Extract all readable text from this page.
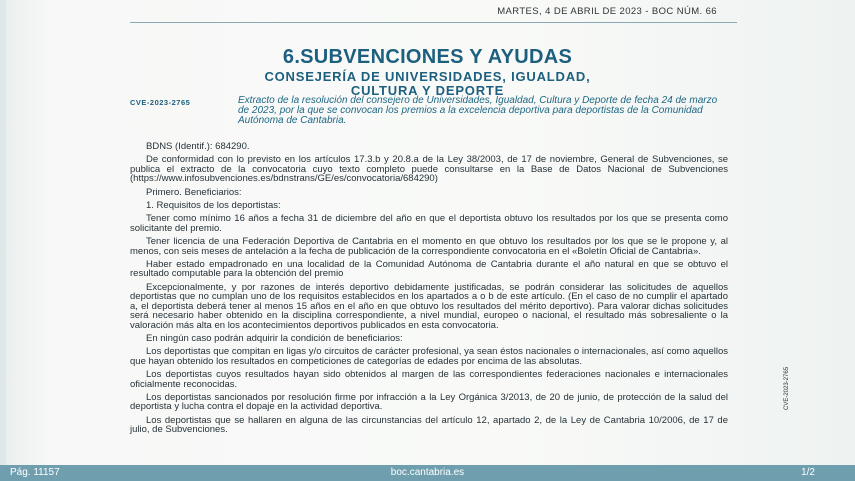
MARTES, 4 DE ABRIL DE 2023 - BOC NÚM. 66
6.SUBVENCIONES Y AYUDAS
CONSEJERÍA DE UNIVERSIDADES, IGUALDAD,
CULTURA Y DEPORTE
CVE-2023-2765	Extracto de la resolución del consejero de Universidades, Igualdad, Cultura y Deporte de fecha 24 de marzo de 2023, por la que se convocan los premios a la excelencia deportiva para deportistas de la Comunidad Autónoma de Cantabria.

BDNS (Identif.): 684290.

De conformidad con lo previsto en los artículos 17.3.b y 20.8.a de la Ley 38/2003, de 17 de noviembre, General de Subvenciones, se publica el extracto de la convocatoria cuyo texto completo puede consultarse en la Base de Datos Nacional de Subvenciones (https://www.infosubvenciones.es/bdnstrans/GE/es/convocatoria/684290)

Primero. Beneficiarios:

1. Requisitos de los deportistas:

Tener como mínimo 16 años a fecha 31 de diciembre del año en que el deportista obtuvo los resultados por los que se presenta como solicitante del premio.

Tener licencia de una Federación Deportiva de Cantabria en el momento en que obtuvo los resultados por los que se le propone y, al menos, con seis meses de antelación a la fecha de publicación de la correspondiente convocatoria en el «Boletín Oficial de Cantabria».

Haber estado empadronado en una localidad de la Comunidad Autónoma de Cantabria durante el año natural en que se obtuvo el resultado computable para la obtención del premio

Excepcionalmente, y por razones de interés deportivo debidamente justificadas, se podrán considerar las solicitudes de aquellos deportistas que no cumplan uno de los requisitos establecidos en los apartados a o b de este artículo. (En el caso de no cumplir el apartado a, el deportista deberá tener al menos 15 años en el año en que obtuvo los resultados del mérito deportivo). Para valorar dichas solicitudes será necesario haber obtenido en la disciplina correspondiente, a nivel mundial, europeo o nacional, el resultado más sobresaliente o la valoración más alta en los acontecimientos deportivos publicados en esta convocatoria.

En ningún caso podrán adquirir la condición de beneficiarios:

Los deportistas que compitan en ligas y/o circuitos de carácter profesional, ya sean éstos nacionales o internacionales, así como aquellos que hayan obtenido los resultados en competiciones de categorías de edades por encima de las absolutas.

Los deportistas cuyos resultados hayan sido obtenidos al margen de las correspondientes federaciones nacionales e internacionales oficialmente reconocidas.

Los deportistas sancionados por resolución firme por infracción a la Ley Orgánica 3/2013, de 20 de junio, de protección de la salud del deportista y lucha contra el dopaje en la actividad deportiva.

Los deportistas que se hallaren en alguna de las circunstancias del artículo 12, apartado 2, de la Ley de Cantabria 10/2006, de 17 de julio, de Subvenciones.

CVE-2023-2765
Pág. 11157	boc.cantabria.es	1/2
